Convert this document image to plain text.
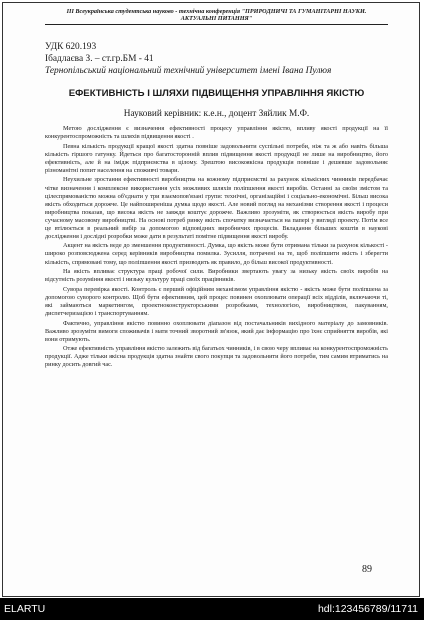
III Всеукраїнська студентська науково - технічна конференція "ПРИРОДНИЧІ ТА ГУМАНІТАРНІ НАУКИ. АКТУАЛЬНІ ПИТАННЯ"
УДК 620.193
Ібадлаєва З. – ст.гр.БМ - 41
Тернопільський національний технічний університет імені Івана Пулюя
ЕФЕКТИВНІСТЬ І ШЛЯХИ ПІДВИЩЕННЯ УПРАВЛІННЯ ЯКІСТЮ
Науковий керівник: к.е.н., доцент Зяйлик М.Ф.

Метою дослідження є визначення ефективності процесу управління якістю, впливу якості продукції на її конкурентоспроможність та шляхів підвищення якості .

Певна кількість продукції кращої якості здатна повніше задовольнити суспільні потреби, ніж та ж або навіть більша кількість гіршого гатунку. Йдеться про багатосторонній вплив підвищення якості продукції не лише на виробництво, його ефективність, але й на імідж підприємства в цілому. Зрештою високоякісна продукція повніше і дешевше задовольняє різноманітні попит населення на споживчі товари.

Неухильне зростання ефективності виробництва на кожному підприємстві за рахунок кількісних чинників передбачає чітке визначення і комплексне використання усіх можливих шляхів поліпшення якості виробів. Останні за своїм змістом та цілеспрямованістю можна об'єднати у три взаємопов'язані групи: технічні, організаційні і соціально-економічні. Більш висока якість обходиться дорожче. Це найпоширеніша думка щодо якості. Але новий погляд на механізми створення якості і процеси виробництва показав, що висока якість не завжди коштує дорожче. Важливо зрозуміти, як створюється якість виробу при сучасному масовому виробництві. На основі потреб ринку якість спочатку визначається на папері у вигляді проекту. Потім все це втілюється в реальний вибір за допомогою відповідних виробничих процесів. Вкладання більших коштів в наукові дослідження і дослідні розробки може дати в результаті помітне підвищення якості виробу.

Акцент на якість веде до зменшення продуктивності. Думка, що якість може бути отримана тільки за рахунок кількості - широко розповсюджена серед керівників виробництва помилка. Зусилля, потрачені на те, щоб поліпшити якість і зберегти кількість, спрямовані тому, що поліпшення якості призводить як правило, до більш високої продуктивності.

На якість впливає структура праці робочої сили. Виробники звертають увагу за низьку якість своїх виробів на відсутність розуміння якості і низьку культуру праці своїх працівників.

Сувора перевірка якості. Контроль є перший офіційним механізмом управління якістю - якість може бути поліпшена за допомогою суворого контролю. Щоб бути ефективним, цей процес повинен охоплювати операції всіх відділів, включаючи ті, які займаються маркетингом, проектноконструкторськими розробками, технологією, виробництвом, пакуванням, диспетчеризацією і транспортуванням.

Фактично, управління якістю повинно охоплювати діапазон від постачальників вихідного матеріалу до замовників. Важливо зрозуміти вимоги споживачів і мати точний зворотний зв'язок, який дає інформацію про їхнє сприйняття виробів, які вони отримують.

Отже ефективність управління якістю залежить від багатьох чинників, і в свою черу впливає на конкурентоспроможність продукції. Адже тільки якісна продукція здатна знайти свого покупця та задовольнити його потреби, тим самим втриматись на ринку досить довгий час.

89
ELARTU	hdl:123456789/11711
